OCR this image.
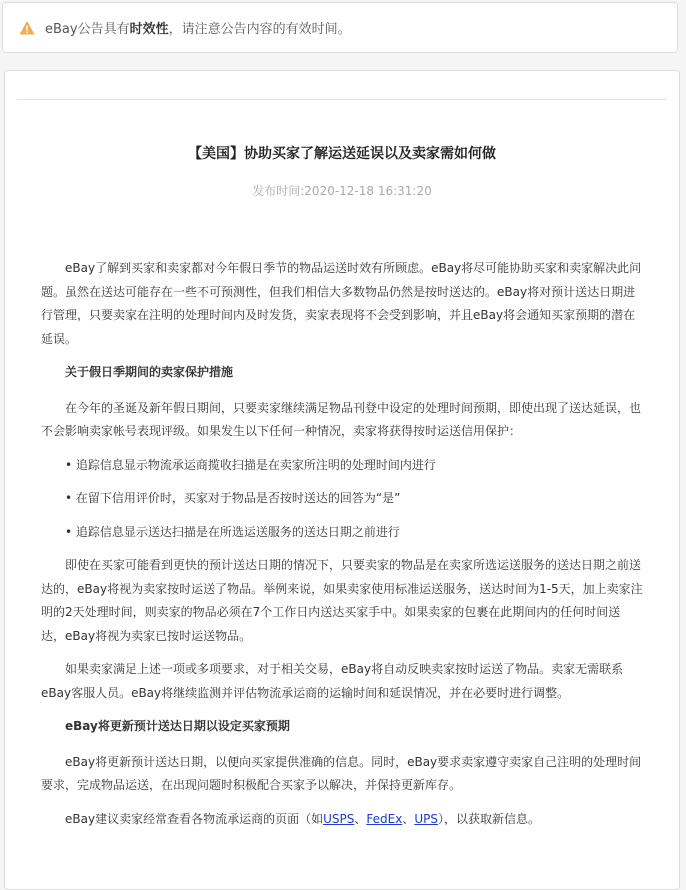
eBay公告具有时效性，请注意公告内容的有效时间。
【美国】协助买家了解运送延误以及卖家需如何做
发布时间:2020-12-18 16:31:20

eBay了解到买家和卖家都对今年假日季节的物品运送时效有所顾虑。eBay将尽可能协助买家和卖家解决此问题。虽然在送达可能存在一些不可预测性，但我们相信大多数物品仍然是按时送达的。eBay将对预计送达日期进行管理，只要卖家在注明的处理时间内及时发货，卖家表现将不会受到影响，并且eBay将会通知买家预期的潜在延误。

关于假日季期间的卖家保护措施

在今年的圣诞及新年假日期间，只要卖家继续满足物品刊登中设定的处理时间预期，即使出现了送达延误，也不会影响卖家帐号表现评级。如果发生以下任何一种情况，卖家将获得按时运送信用保护：

• 追踪信息显示物流承运商揽收扫描是在卖家所注明的处理时间内进行

• 在留下信用评价时，买家对于物品是否按时送达的回答为“是”

• 追踪信息显示送达扫描是在所选运送服务的送达日期之前进行

即使在买家可能看到更快的预计送达日期的情况下，只要卖家的物品是在卖家所选运送服务的送达日期之前送达的，eBay将视为卖家按时运送了物品。举例来说，如果卖家使用标准运送服务，送达时间为1-5天，加上卖家注明的2天处理时间，则卖家的物品必须在7个工作日内送达买家手中。如果卖家的包裹在此期间内的任何时间送达，eBay将视为卖家已按时运送物品。

如果卖家满足上述一项或多项要求，对于相关交易，eBay将自动反映卖家按时运送了物品。卖家无需联系eBay客服人员。eBay将继续监测并评估物流承运商的运输时间和延误情况，并在必要时进行调整。

eBay将更新预计送达日期以设定买家预期

eBay将更新预计送达日期，以便向买家提供准确的信息。同时，eBay要求卖家遵守卖家自己注明的处理时间要求，完成物品运送，在出现问题时积极配合买家予以解决，并保持更新库存。

eBay建议卖家经常查看各物流承运商的页面（如USPS、FedEx、UPS），以获取新信息。
